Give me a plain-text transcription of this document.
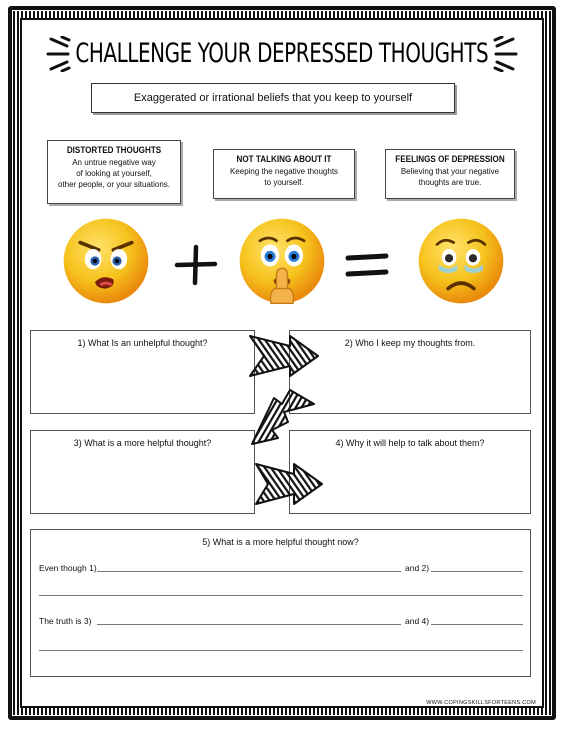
CHALLENGE YOUR DEPRESSED THOUGHTS
Exaggerated or irrational beliefs that you keep to yourself
DISTORTED THOUGHTS
An untrue negative way
of looking at yourself,
other people, or your situations.
NOT TALKING ABOUT IT
Keeping the negative thoughts
to yourself.
FEELINGS OF DEPRESSION
Believing that your negative
thoughts are true.
1) What Is an unhelpful thought?	2) Who I keep my thoughts from.
3) What is a more helpful thought?	4) Why it will help to talk about them?
5) What is a more helpful thought now?
Even though 1)	and 2)
The truth is 3)	and 4)
WWW.COPINGSKILLSFORTEENS.COM
